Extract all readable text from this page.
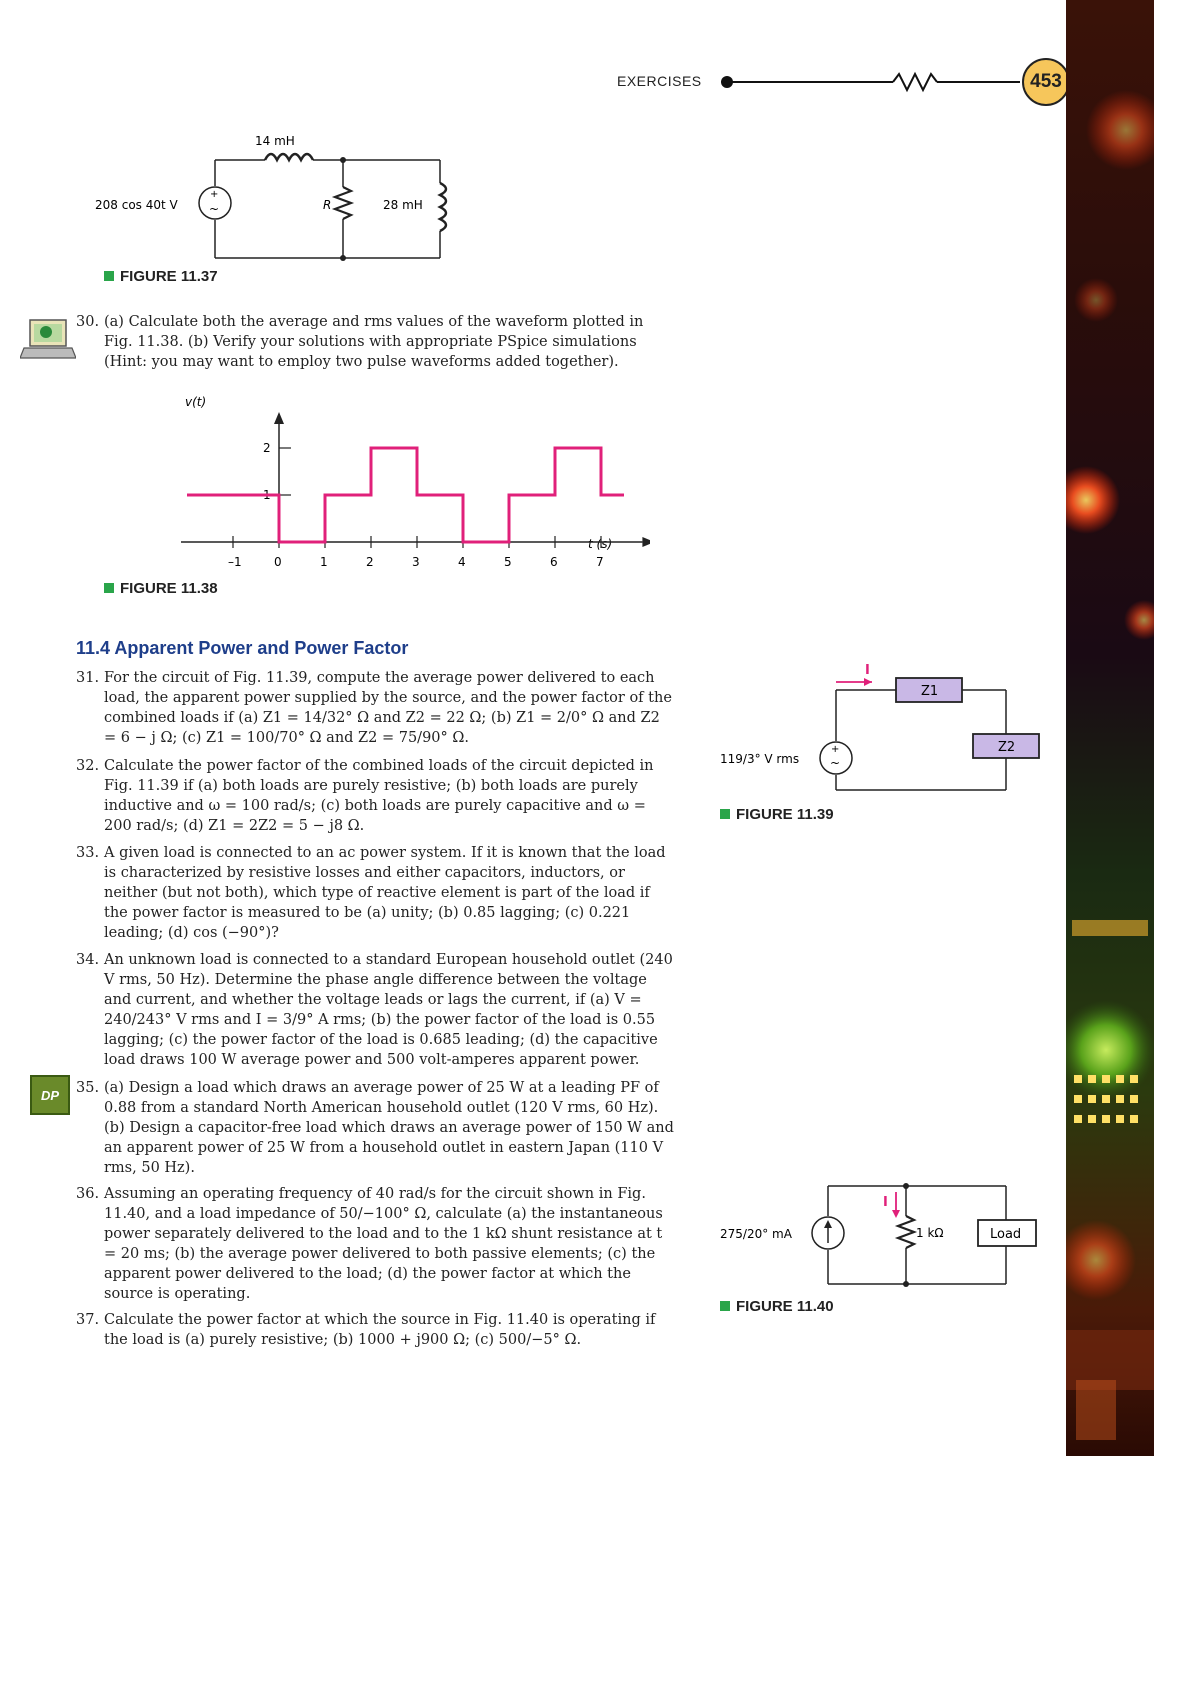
EXERCISES	453
+
~
14 mH
208 cos 40t V	R	28 mH
FIGURE 11.37
30. (a) Calculate both the average and rms values of the waveform plotted in Fig. 11.38. (b) Verify your solutions with appropriate PSpice simulations (Hint: you may want to employ two pulse waveforms added together).
v(t)
t (s)
–1	0	1	2	3	4	5	6	7
1
2
FIGURE 11.38
11.4 Apparent Power and Power Factor
31. For the circuit of Fig. 11.39, compute the average power delivered to each load, the apparent power supplied by the source, and the power factor of the combined loads if (a) Z1 = 14/32° Ω and Z2 = 22 Ω; (b) Z1 = 2/0° Ω and Z2 = 6 − j Ω; (c) Z1 = 100/70° Ω and Z2 = 75/90° Ω.
32. Calculate the power factor of the combined loads of the circuit depicted in Fig. 11.39 if (a) both loads are purely resistive; (b) both loads are purely inductive and ω = 100 rad/s; (c) both loads are purely capacitive and ω = 200 rad/s; (d) Z1 = 2Z2 = 5 − j8 Ω.
33. A given load is connected to an ac power system. If it is known that the load is characterized by resistive losses and either capacitors, inductors, or neither (but not both), which type of reactive element is part of the load if the power factor is measured to be (a) unity; (b) 0.85 lagging; (c) 0.221 leading; (d) cos (−90°)?
34. An unknown load is connected to a standard European household outlet (240 V rms, 50 Hz). Determine the phase angle difference between the voltage and current, and whether the voltage leads or lags the current, if (a) V = 240/243° V rms and I = 3/9° A rms; (b) the power factor of the load is 0.55 lagging; (c) the power factor of the load is 0.685 leading; (d) the capacitive load draws 100 W average power and 500 volt-amperes apparent power.
35. (a) Design a load which draws an average power of 25 W at a leading PF of 0.88 from a standard North American household outlet (120 V rms, 60 Hz). (b) Design a capacitor-free load which draws an average power of 150 W and an apparent power of 25 W from a household outlet in eastern Japan (110 V rms, 50 Hz).
36. Assuming an operating frequency of 40 rad/s for the circuit shown in Fig. 11.40, and a load impedance of 50/−100° Ω, calculate (a) the instantaneous power separately delivered to the load and to the 1 kΩ shunt resistance at t = 20 ms; (b) the average power delivered to both passive elements; (c) the apparent power delivered to the load; (d) the power factor at which the source is operating.
37. Calculate the power factor at which the source in Fig. 11.40 is operating if the load is (a) purely resistive; (b) 1000 + j900 Ω; (c) 500/−5° Ω.
DP
+
~
I
Z1
Z2
119/3° V rms
FIGURE 11.39
I
Load
1 kΩ
275/20° mA
FIGURE 11.40
